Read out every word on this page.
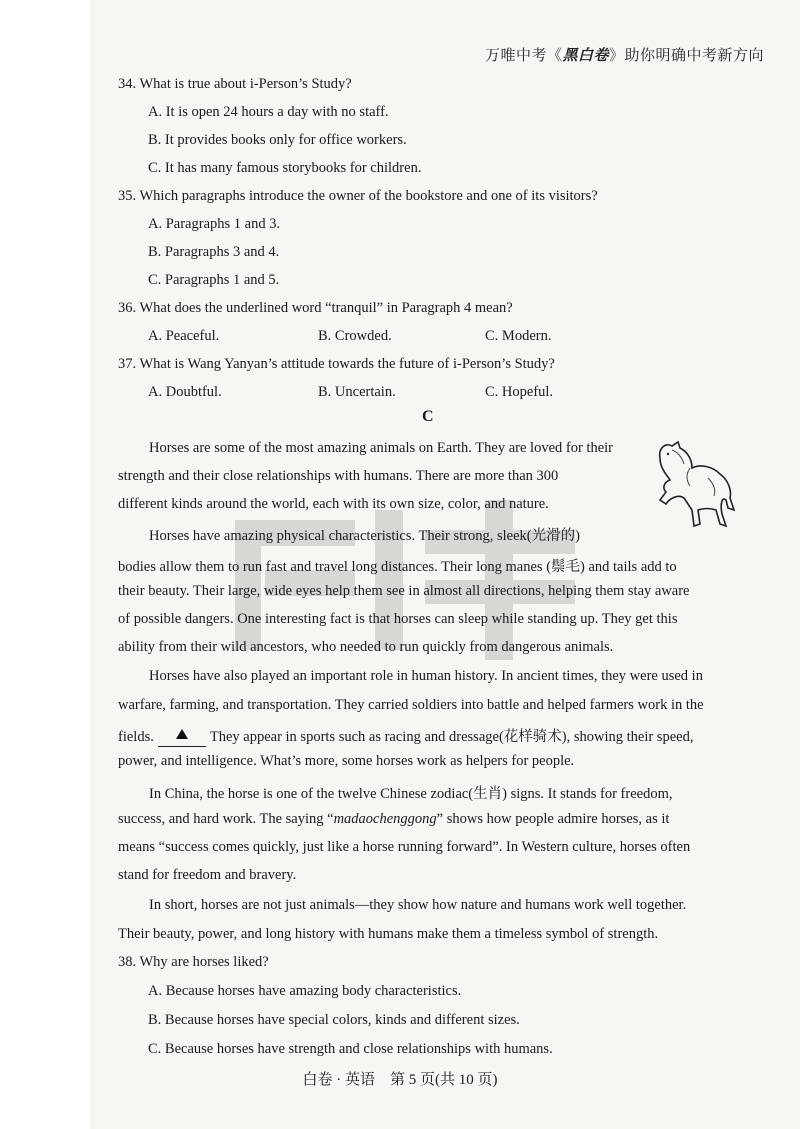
万唯中考《黑白卷》助你明确中考新方向
34. What is true about i-Person’s Study?
A. It is open 24 hours a day with no staff.
B. It provides books only for office workers.
C. It has many famous storybooks for children.
35. Which paragraphs introduce the owner of the bookstore and one of its visitors?
A. Paragraphs 1 and 3.
B. Paragraphs 3 and 4.
C. Paragraphs 1 and 5.
36. What does the underlined word “tranquil” in Paragraph 4 mean?
A. Peaceful.	B. Crowded.	C. Modern.
37. What is Wang Yanyan’s attitude towards the future of i-Person’s Study?
A. Doubtful.	B. Uncertain.	C. Hopeful.
C
Horses are some of the most amazing animals on Earth. They are loved for their
strength and their close relationships with humans. There are more than 300
different kinds around the world, each with its own size, color, and nature.
Horses have amazing physical characteristics. Their strong, sleek(光滑的)
bodies allow them to run fast and travel long distances. Their long manes (鬃毛) and tails add to
their beauty. Their large, wide eyes help them see in almost all directions, helping them stay aware
of possible dangers. One interesting fact is that horses can sleep while standing up. They get this
ability from their wild ancestors, who needed to run quickly from dangerous animals.
Horses have also played an important role in human history. In ancient times, they were used in
warfare, farming, and transportation. They carried soldiers into battle and helped farmers work in the
fields.	They appear in sports such as racing and dressage(花样骑术), showing their speed,
power, and intelligence. What’s more, some horses work as helpers for people.
In China, the horse is one of the twelve Chinese zodiac(生肖) signs. It stands for freedom,
success, and hard work. The saying “madaochenggong” shows how people admire horses, as it
means “success comes quickly, just like a horse running forward”. In Western culture, horses often
stand for freedom and bravery.
In short, horses are not just animals—they show how nature and humans work well together.
Their beauty, power, and long history with humans make them a timeless symbol of strength.
38. Why are horses liked?
A. Because horses have amazing body characteristics.
B. Because horses have special colors, kinds and different sizes.
C. Because horses have strength and close relationships with humans.
白卷 · 英语　第 5 页(共 10 页)
